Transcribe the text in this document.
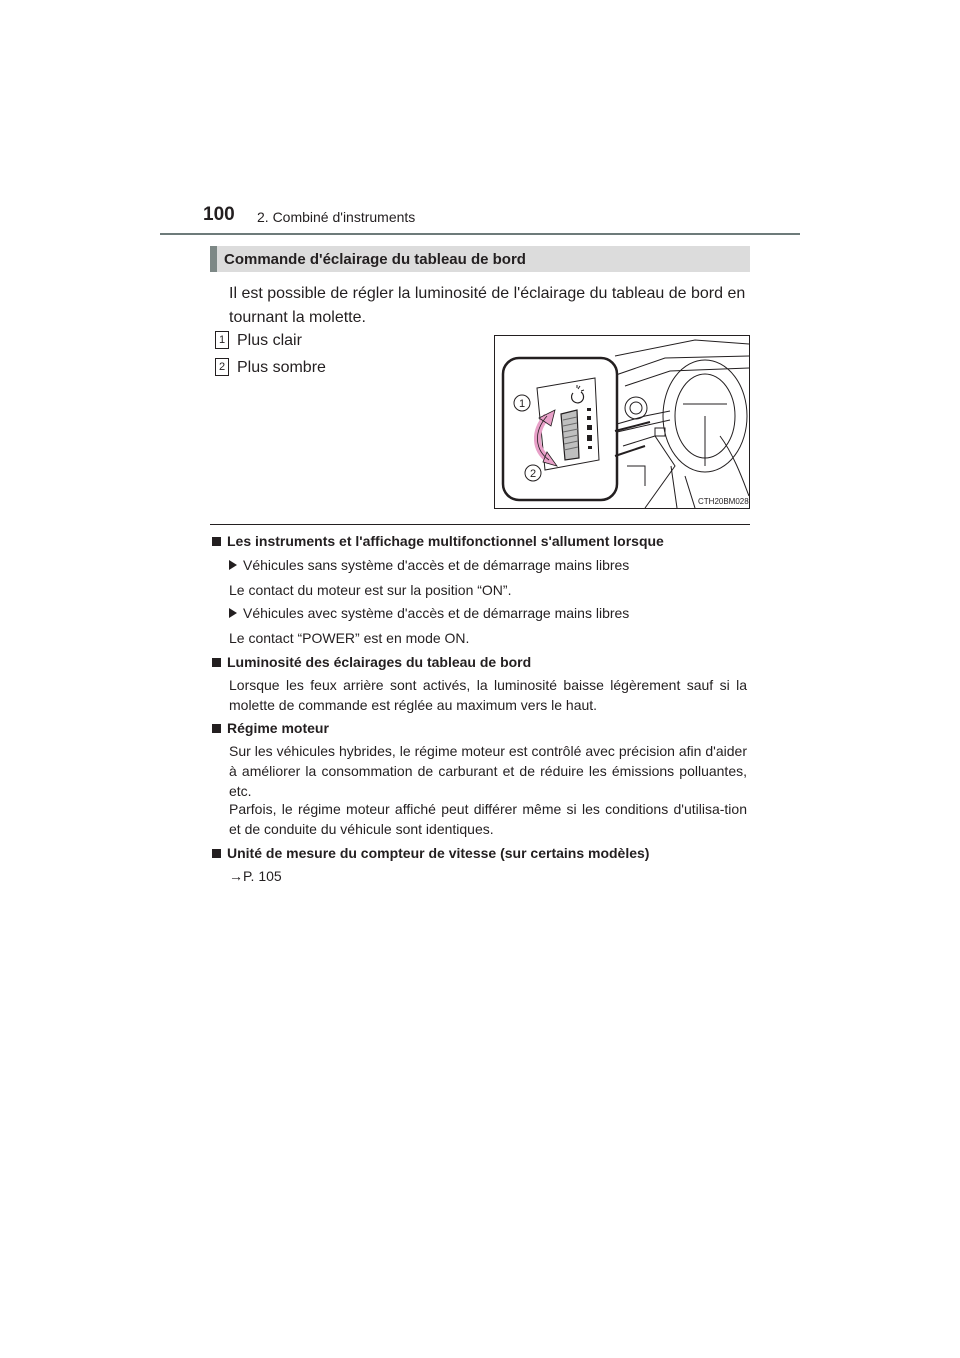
100 2. Combiné d'instruments
Commande d'éclairage du tableau de bord
Il est possible de régler la luminosité de l'éclairage du tableau de bord en tournant la molette.
1 Plus clair
2 Plus sombre
1
2
CTH20BM028
Les instruments et l'affichage multifonctionnel s'allument lorsque
Véhicules sans système d'accès et de démarrage mains libres
Le contact du moteur est sur la position “ON”.
Véhicules avec système d'accès et de démarrage mains libres
Le contact “POWER” est en mode ON.
Luminosité des éclairages du tableau de bord
Lorsque les feux arrière sont activés, la luminosité baisse légèrement sauf si la molette de commande est réglée au maximum vers le haut.
Régime moteur
Sur les véhicules hybrides, le régime moteur est contrôlé avec précision afin d'aider à améliorer la consommation de carburant et de réduire les émissions polluantes, etc.
Parfois, le régime moteur affiché peut différer même si les conditions d'utilisa-tion et de conduite du véhicule sont identiques.
Unité de mesure du compteur de vitesse (sur certains modèles)
→P. 105
